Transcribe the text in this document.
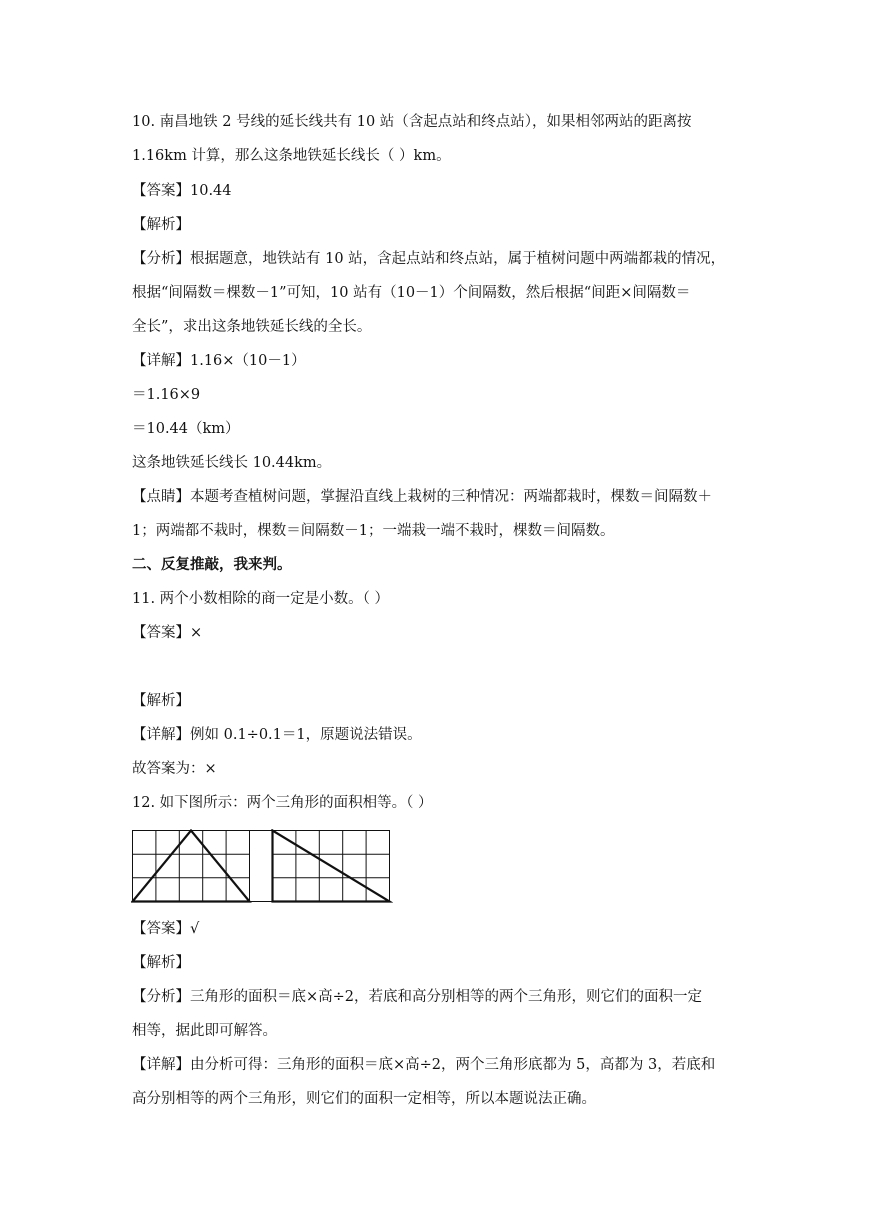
10. 南昌地铁 2 号线的延长线共有 10 站（含起点站和终点站），如果相邻两站的距离按
1.16km 计算，那么这条地铁延长线长（ ）km。
【答案】10.44
【解析】
【分析】根据题意，地铁站有 10 站，含起点站和终点站，属于植树问题中两端都栽的情况，
根据“间隔数＝棵数－1”可知，10 站有（10－1）个间隔数，然后根据“间距×间隔数＝
全长”，求出这条地铁延长线的全长。
【详解】1.16×（10－1）
＝1.16×9
＝10.44（km）
这条地铁延长线长 10.44km。
【点睛】本题考查植树问题，掌握沿直线上栽树的三种情况：两端都栽时，棵数＝间隔数＋
1；两端都不栽时，棵数＝间隔数－1；一端栽一端不栽时，棵数＝间隔数。
二、反复推敲，我来判。
11. 两个小数相除的商一定是小数。（ ）
【答案】×
【解析】
【详解】例如 0.1÷0.1＝1，原题说法错误。
故答案为：×
12. 如下图所示：两个三角形的面积相等。（ ）
【答案】√
【解析】
【分析】三角形的面积＝底×高÷2，若底和高分别相等的两个三角形，则它们的面积一定
相等，据此即可解答。
【详解】由分析可得：三角形的面积＝底×高÷2，两个三角形底都为 5，高都为 3，若底和
高分别相等的两个三角形，则它们的面积一定相等，所以本题说法正确。
